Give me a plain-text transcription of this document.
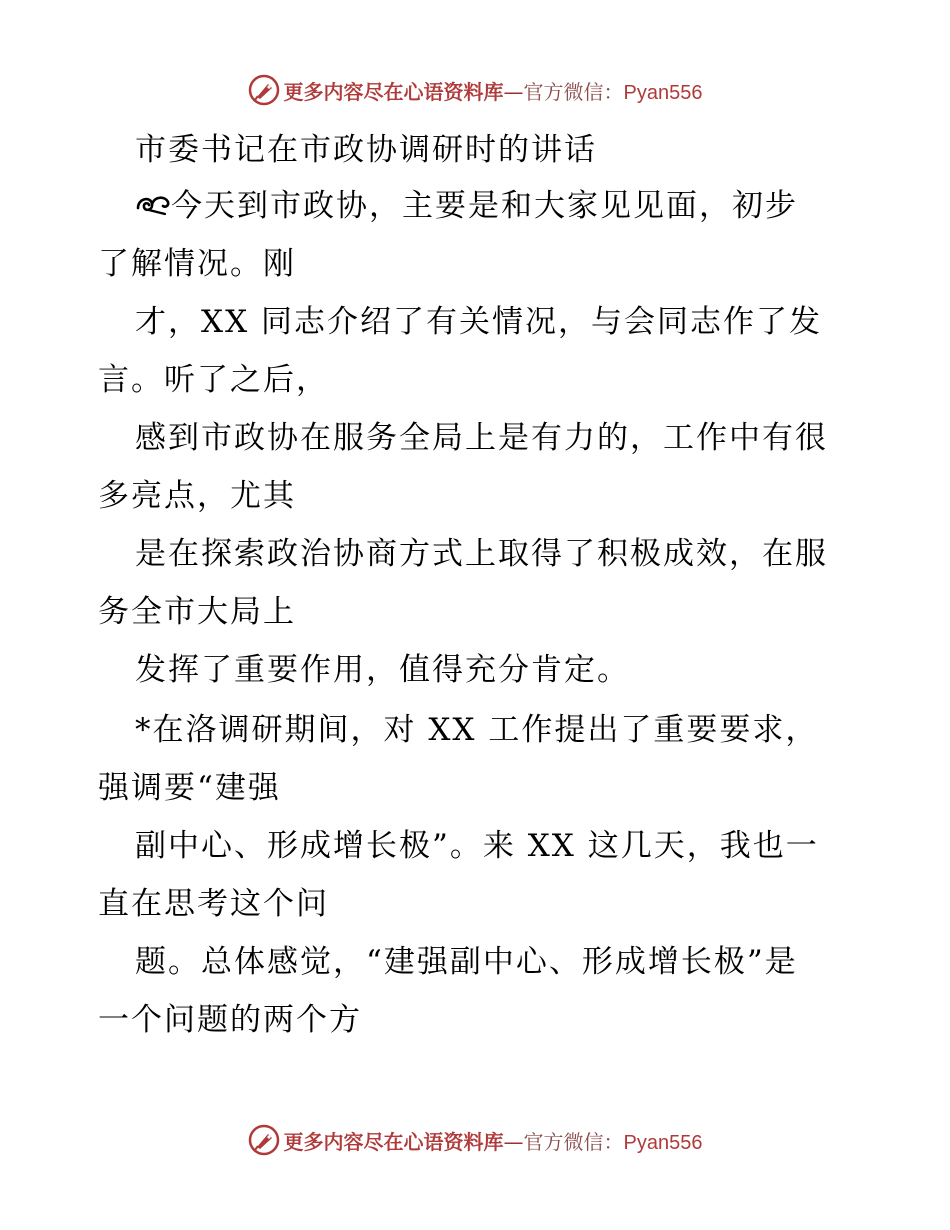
更多内容尽在心语资料库—官方微信：Pyan556
市委书记在市政协调研时的讲话
今天到市政协，主要是和大家见见面，初步
了解情况。刚
才，XX 同志介绍了有关情况，与会同志作了发
言。听了之后，
感到市政协在服务全局上是有力的，工作中有很
多亮点，尤其
是在探索政治协商方式上取得了积极成效，在服
务全市大局上
发挥了重要作用，值得充分肯定。
*在洛调研期间，对 XX 工作提出了重要要求，
强调要“建强
副中心、形成增长极”。来 XX 这几天，我也一
直在思考这个问
题。总体感觉，“建强副中心、形成增长极”是
一个问题的两个方
更多内容尽在心语资料库—官方微信：Pyan556
